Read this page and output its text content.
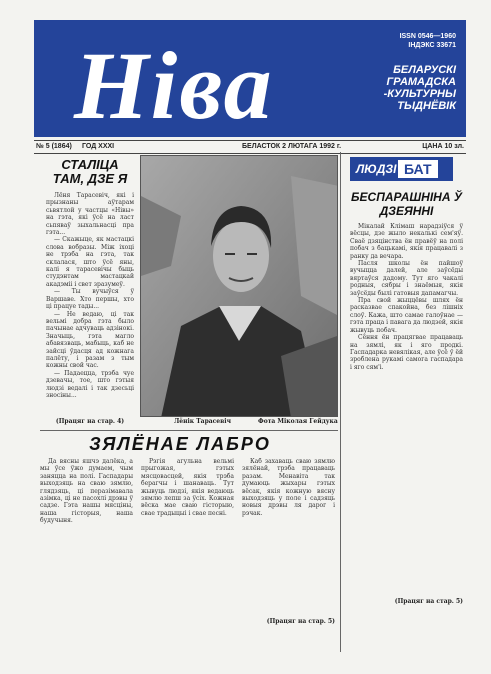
Ніва	ISSN 0546—1960
ІНДЭКС 33671
БЕЛАРУСКІ
ГРАМАДСКА
-КУЛЬТУРНЫ
ТЫДНЁВІК
№ 5 (1864) ГОД XXXI	БЕЛАСТОК 2 ЛЮТАГА 1992 г.	ЦАНА 10 зл.
СТАЛІЦА ТАМ, ДЗЕ Я

Лёня Тарасевіч, які і прызнаны аўтарам сьвятлой у частцы «Нівы» на гэта, які ўсё на ласт сьпяваў зыхальнасці пра гэта...

— Скажыце, як мастацкі слова вобразы. Між іхоці не трэба на гэта, так склалася, што ўсё яны, калі я тарасевічы быць студэнтам мастацкай акадэміі і свет зразумеў.

— Ты вучыўся ў Варшаве. Хто першы, хто ці працуе тады...

— Не ведаю, ці так вельмі добра гэта было пачынае адчуваць адзінокі. Значыць, гэта магло абавязваць, мабыць, каб не зайсці ўдасця ад кожнага палёту, і разам з тым кожны свой час.

— Падаецца, трэба чуе дзевачы, тое, што гэтыя людзі ведалі і так дзесьці зносіны...

(Працяг на стар. 4)	Лёнік Тарасевіч	Фота Міколая Гейдука
ЛЮДЗІ БАТ
БЕСПАРАШНІНА Ў ДЗЕЯННІ

Мікалай Клімаш нарадзіўся ў вёсцы, дзе жыло некалькі сем'яў. Сваё дзяцінства ён правёў на полі побач з бацькамі, якія працавалі з ранку да вечара.

Пасля школы ён пайшоў вучыцца далей, але заўсёды вяртаўся дадому. Тут яго чакалі родныя, сябры і знаёмыя, якія заўсёды былі гатовыя дапамагчы.

Пра свой жыццёвы шлях ён расказвае спакойна, без лішніх слоў. Кажа, што самае галоўнае — гэта праца і павага да людзей, якія жывуць побач.

Сёння ён працягвае працаваць на зямлі, як і яго продкі. Гаспадарка невялікая, але ўсё ў ёй зроблена рукамі самога гаспадара і яго сям'і.

(Працяг на стар. 5)
ЗЯЛЁНАЕ ЛАБРО

Да вясны яшчэ далёка, а мы ўсе ўжо думаем, чым заняцца на полі. Гаспадары выходзяць на сваю зямлю, глядзяць, ці перазімавала азімка, ці не пасохлі дрэвы ў садзе. Гэта нашы мясціны, наша гісторыя, наша будучыня.

Рэгія агульна вельмі прыгожая, гэтых мясцовасцей, якія трэба берагчы і шанаваць. Тут жывуць людзі, якія ведаюць зямлю лепш за ўсіх. Кожная вёска мае сваю гісторыю, свае традыцыі і свае песні.

Каб захаваць сваю зямлю зялёнай, трэба працаваць разам. Менавіта так думаюць жыхары гэтых вёсак, якія кожную вясну выходзяць у поле і садзяць новыя дрэвы ля дарог і рэчак.

(Працяг на стар. 5)
